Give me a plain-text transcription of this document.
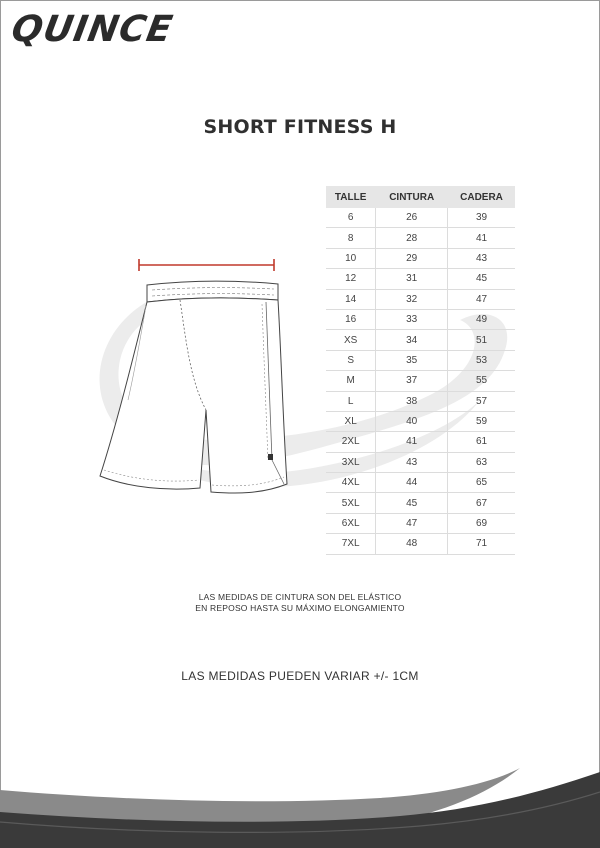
QUINCE
SHORT FITNESS H
TALLE	CINTURA	CADERA
6	26	39
8	28	41
10	29	43
12	31	45
14	32	47
16	33	49
XS	34	51
S	35	53
M	37	55
L	38	57
XL	40	59
2XL	41	61
3XL	43	63
4XL	44	65
5XL	45	67
6XL	47	69
7XL	48	71
LAS MEDIDAS DE CINTURA SON DEL ELÁSTICO
EN REPOSO HASTA SU MÁXIMO ELONGAMIENTO
LAS MEDIDAS PUEDEN VARIAR +/- 1CM
